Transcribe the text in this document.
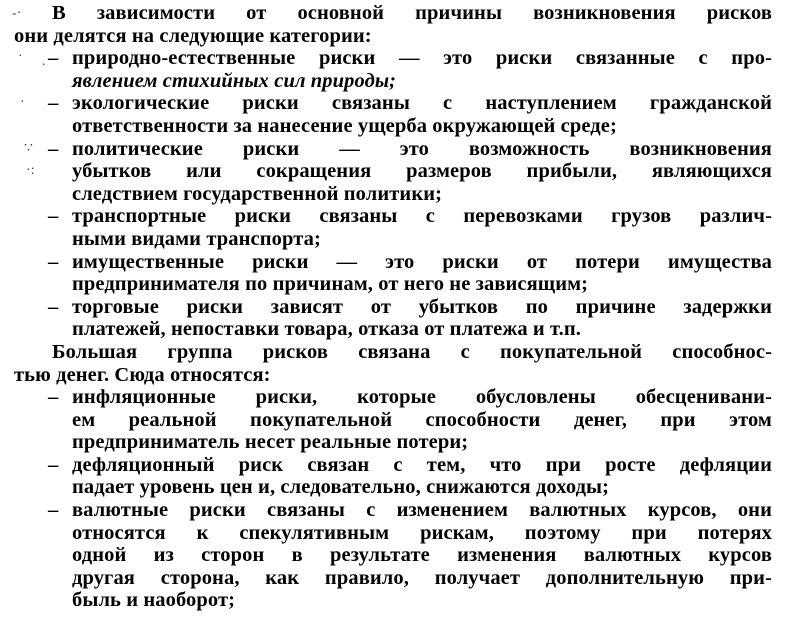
-· В зависимости от основной причины возникновения рисков
они делятся на следующие категории:
· . – природно-естественные риски — это риски связанные с про-
явлением стихийных сил природы;
· – экологические риски связаны с наступлением гражданской
ответственности за нанесение ущерба окружающей среде;
∵ – политические риски — это возможность возникновения
·: убытков или сокращения размеров прибыли, являющихся
следствием государственной политики;
– транспортные риски связаны с перевозками грузов различ-
ными видами транспорта;
– имущественные риски — это риски от потери имущества
предпринимателя по причинам, от него не зависящим;
– торговые риски зависят от убытков по причине задержки
платежей, непоставки товара, отказа от платежа и т.п.
Большая группа рисков связана с покупательной способнос-
тью денег. Сюда относятся:
– инфляционные риски, которые обусловлены обесценивани-
ем реальной покупательной способности денег, при этом
предприниматель несет реальные потери;
– дефляционный риск связан с тем, что при росте дефляции
падает уровень цен и, следовательно, снижаются доходы;
– валютные риски связаны с изменением валютных курсов, они
относятся к спекулятивным рискам, поэтому при потерях
одной из сторон в результате изменения валютных курсов
другая сторона, как правило, получает дополнительную при-
быль и наоборот;
